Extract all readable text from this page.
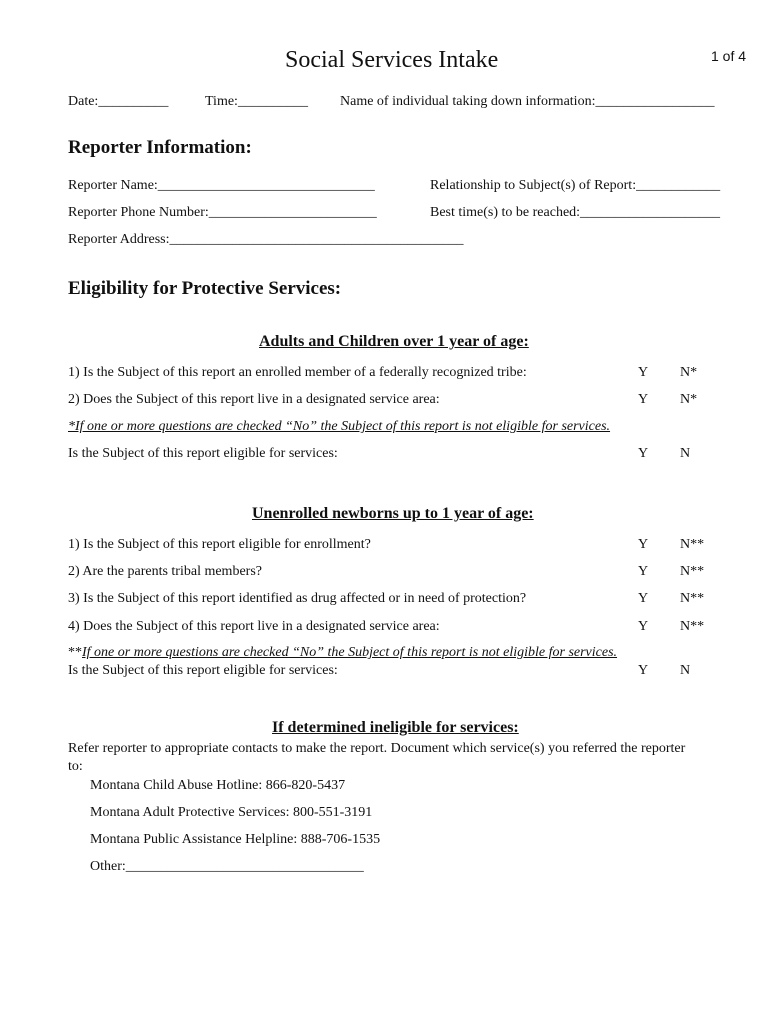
Social Services Intake	1 of 4
Date:__________	Time:__________ Name of individual taking down information:_________________
Reporter Information:
Reporter Name:_______________________________	Relationship to Subject(s) of Report:____________
Reporter Phone Number:________________________	Best time(s) to be reached:____________________
Reporter Address:__________________________________________
Eligibility for Protective Services:
Adults and Children over 1 year of age:
1) Is the Subject of this report an enrolled member of a federally recognized tribe:	Y N*
2) Does the Subject of this report live in a designated service area:	Y N*
*If one or more questions are checked “No” the Subject of this report is not eligible for services.
Is the Subject of this report eligible for services:	Y N
Unenrolled newborns up to 1 year of age:
1) Is the Subject of this report eligible for enrollment?	Y N**
2) Are the parents tribal members?	Y N**
3) Is the Subject of this report identified as drug affected or in need of protection?	Y N**
4) Does the Subject of this report live in a designated service area:	Y N**
**If one or more questions are checked “No” the Subject of this report is not eligible for services.
Is the Subject of this report eligible for services:	Y N
If determined ineligible for services:
Refer reporter to appropriate contacts to make the report. Document which service(s) you referred the reporter
to:
Montana Child Abuse Hotline: 866-820-5437
Montana Adult Protective Services: 800-551-3191
Montana Public Assistance Helpline: 888-706-1535
Other:__________________________________
